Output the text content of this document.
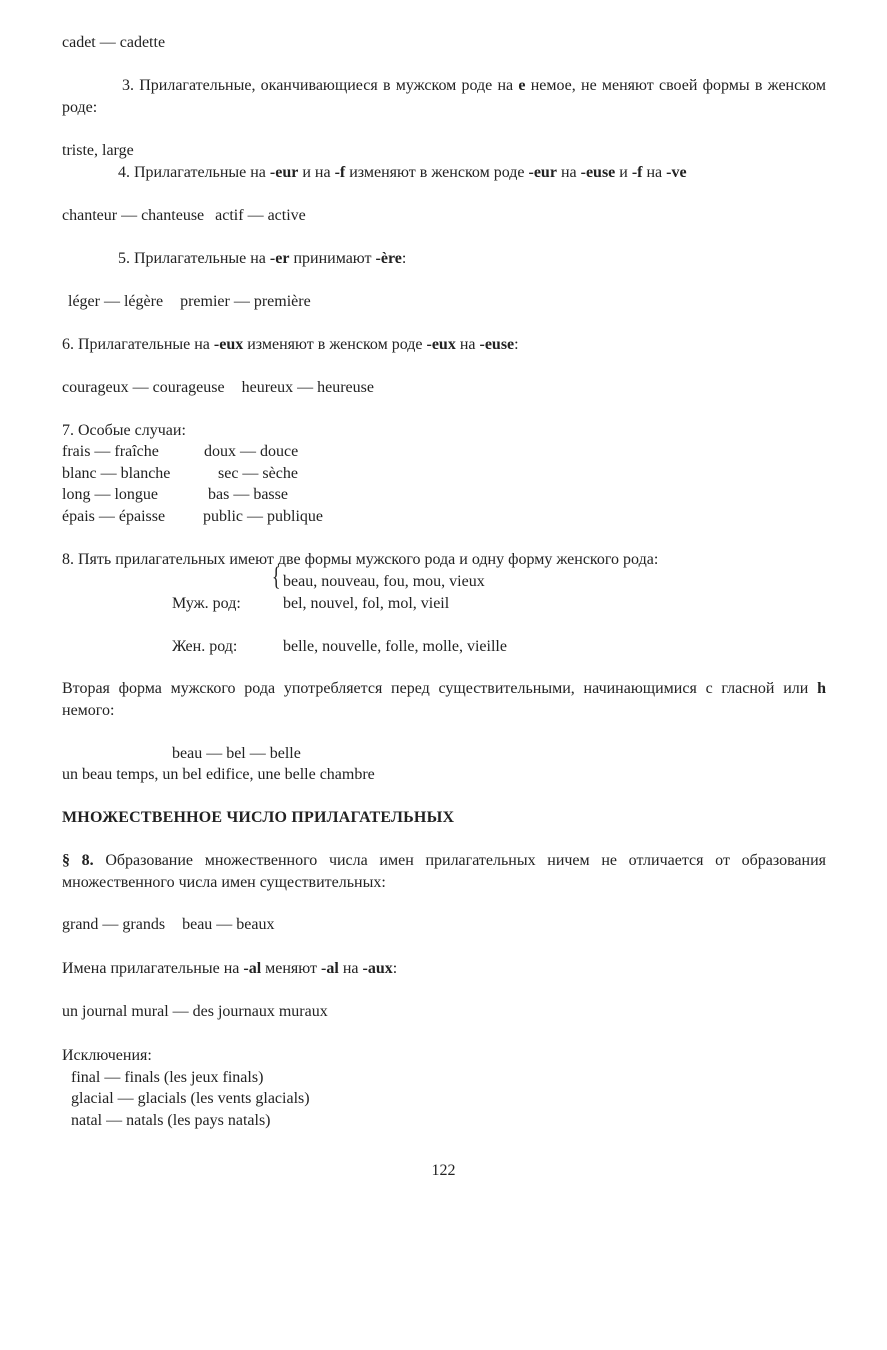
cadet — cadette
3. Прилагательные, оканчивающиеся в мужском роде на е немое, не меняют своей формы в женском роде:
triste, large
4. Прилагательные на -eur и на -f изменяют в женском роде -eur на -euse и -f на -ve
chanteur — chanteuse actif — active
5. Прилагательные на -er принимают -ère:
léger — légère premier — première
6. Прилагательные на -eux изменяют в женском роде -eux на -euse:
courageux — courageuse heureux — heureuse
7. Особые случаи:
frais — fraîche	doux — douce
blanc — blanche	sec — sèche
long — longue	bas — basse
épais — épaisse public — publique
8. Пять прилагательных имеют две формы мужского рода и одну форму женского рода:
{ beau, nouveau, fou, mou, vieux
Муж. род:	bel, nouvel, fol, mol, vieil
Жен. род:	belle, nouvelle, folle, molle, vieille
Вторая форма мужского рода употребляется перед существительными, начинающимися с гласной или h немого:
beau — bel — belle
un beau temps, un bel edifice, une belle chambre
МНОЖЕСТВЕННОЕ ЧИСЛО ПРИЛАГАТЕЛЬНЫХ
§ 8. Образование множественного числа имен прилагательных ничем не отличается от образования множественного числа имен существительных:
grand — grands beau — beaux
Имена прилагательные на -al меняют -al на -aux:
un journal mural — des journaux muraux
Исключения:
final — finals (les jeux finals)
glacial — glacials (les vents glacials)
natal — natals (les pays natals)
122
